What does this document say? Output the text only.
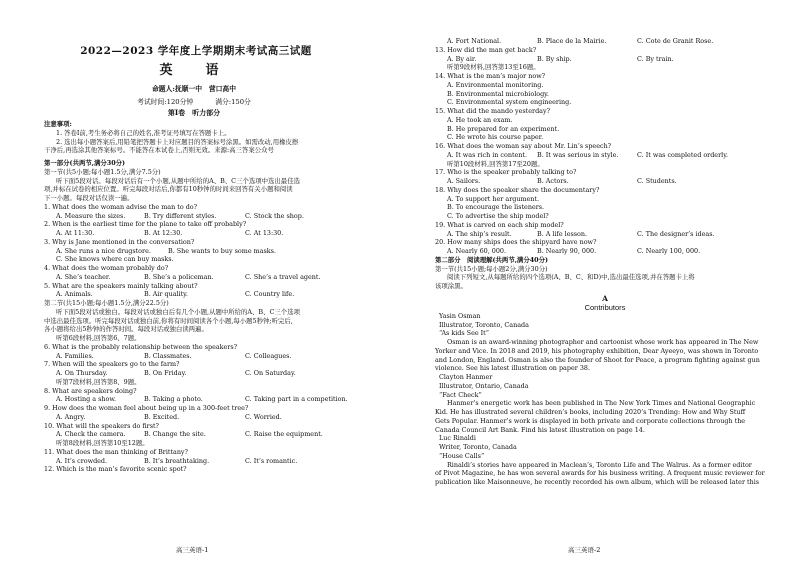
2022—2023 学年度上学期期末考试高三试题
英　语
命题人:抚顺一中　营口高中
考试时间:120分钟	满分:150分
第Ⅰ卷　听力部分
注意事项:
1. 答卷Ⅰ前,考生务必将自己的姓名,准考证号填写在答题卡上。
2. 选出每小题答案后,用铅笔把答题卡上对应题目的答案标号涂黑。如需改动,用橡皮擦
干净后,再选涂其他答案标号。不能答在本试卷上,否则无效。来源:高三答案公众号
第一部分(共两节,满分30分)
第一节(共5小题;每小题1.5分,满分7.5分)
听下面5段对话。每段对话后有一个小题,从题中所给的A、B、C三个选项中选出最佳选
项,并标在试卷的相应位置。听完每段对话后,你都有10秒钟的时间来回答有关小题和阅读
下一小题。每段对话仅读一遍。
1. What does the woman advise the man to do?
A. Measure the sizes.	B. Try different styles.	C. Stock the shop.
2. When is the earliest time for the plane to take off probably?
A. At 11:30.	B. At 12:30.	C. At 13:30.
3. Why is Jane mentioned in the conversation?
A. She runs a nice drugstore.	B. She wants to buy some masks.
C. She knows where can buy masks.
4. What does the woman probably do?
A. She’s teacher.	B. She’s a policeman.	C. She’s a travel agent.
5. What are the speakers mainly talking about?
A. Animals.	B. Air quality.	C. Country life.
第二节(共15小题;每小题1.5分,满分22.5分)
听下面5段对话或独白。每段对话或独白后有几个小题,从题中所给的A、B、C三个选项
中选出最佳选项。听完每段对话或独白前,你将有时间阅读各个小题,每小题5秒钟;听完后,
各小题将给出5秒钟的作答时间。每段对话或独白读两遍。
听第6段材料,回答第6、7题。
6. What is the probably relationship between the speakers?
A. Families.	B. Classmates.	C. Colleagues.
7. When will the speakers go to the farm?
A. On Thursday.	B. On Friday.	C. On Saturday.
听第7段材料,回答第8、9题。
8. What are speakers doing?
A. Hosting a show.	B. Taking a photo.	C. Taking part in a competition.
9. How does the woman feel about being up in a 300-feet tree?
A. Angry.	B. Excited.	C. Worried.
10. What will the speakers do first?
A. Check the camera.	B. Change the site.	C. Raise the equipment.
听第8段材料,回答第10至12题。
11. What does the man thinking of Brittany?
A. It’s crowded.	B. It’s breathtaking.	C. It’s romantic.
12. Which is the man’s favorite scenic spot?
高三英语-1
A. Fort National.	B. Place de la Mairie.	C. Cote de Granit Rose.
13. How did the man get back?
A. By air.	B. By ship.	C. By train.
听第9段材料,回答第13至16题。
14. What is the man’s major now?
A. Environmental monitoring.
B. Environmental microbiology.
C. Environmental system engineering.
15. What did the mando yesterday?
A. He took an exam.
B. He prepared for an experiment.
C. He wrote his course paper.
16. What does the woman say about Mr. Lin’s speech?
A. It was rich in content.	B. It was serious in style.	C. It was completed orderly.
听第10段材料,回答第17至20题。
17. Who is the speaker probably talking to?
A. Sailors.	B. Actors.	C. Students.
18. Why does the speaker share the documentary?
A. To support her argument.
B. To encourage the listeners.
C. To advertise the ship model?
19. What is carved on each ship model?
A. The ship’s result.	B. A life lesson.	C. The designer’s ideas.
20. How many ships does the shipyard have now?
A. Nearly 60, 000.	B. Nearly 90, 000.	C. Nearly 100, 000.
第二部分　阅读理解(共两节,满分40分)
第一节(共15小题;每小题2分,满分30分)
阅读下列短文,从每题所给的四个选项(A、B、C、和D)中,选出最佳选项,并在答题卡上将
该项涂黑。
A
Contributors
Yasin Osman
Illustrator, Toronto, Canada
“As kids See It”
Osman is an award-winning photographer and cartoonist whose work has appeared in The New
Yorker and Vice. In 2018 and 2019, his photography exhibition, Dear Ayeeyo, was shown in Toronto
and London, England. Osman is also the founder of Shoot for Peace, a program fighting against gun
violence. See his latest illustration on paper 38.
Clayton Hanmer
Illustrator, Ontario, Canada
“Fact Check”
Hanmer’s energetic work has been published in The New York Times and National Geographic
Kid. He has illustrated several children’s books, including 2020’s Trending: How and Why Stuff
Gets Popular. Hanmer’s work is displayed in both private and corporate collections through the
Canada Council Art Bank. Find his latest illustration on page 14.
Luc Rinaldi
Writer, Toronto, Canada
“House Calls”
Rinaldi’s stories have appeared in Maclean’s, Toronto Life and The Walrus. As a former editor
of Pivot Magazine, he has won several awards for his business writing. A frequent music reviewer for
publication like Maisonneuve, he recently recorded his own album, which will be released later this
高三英语-2
